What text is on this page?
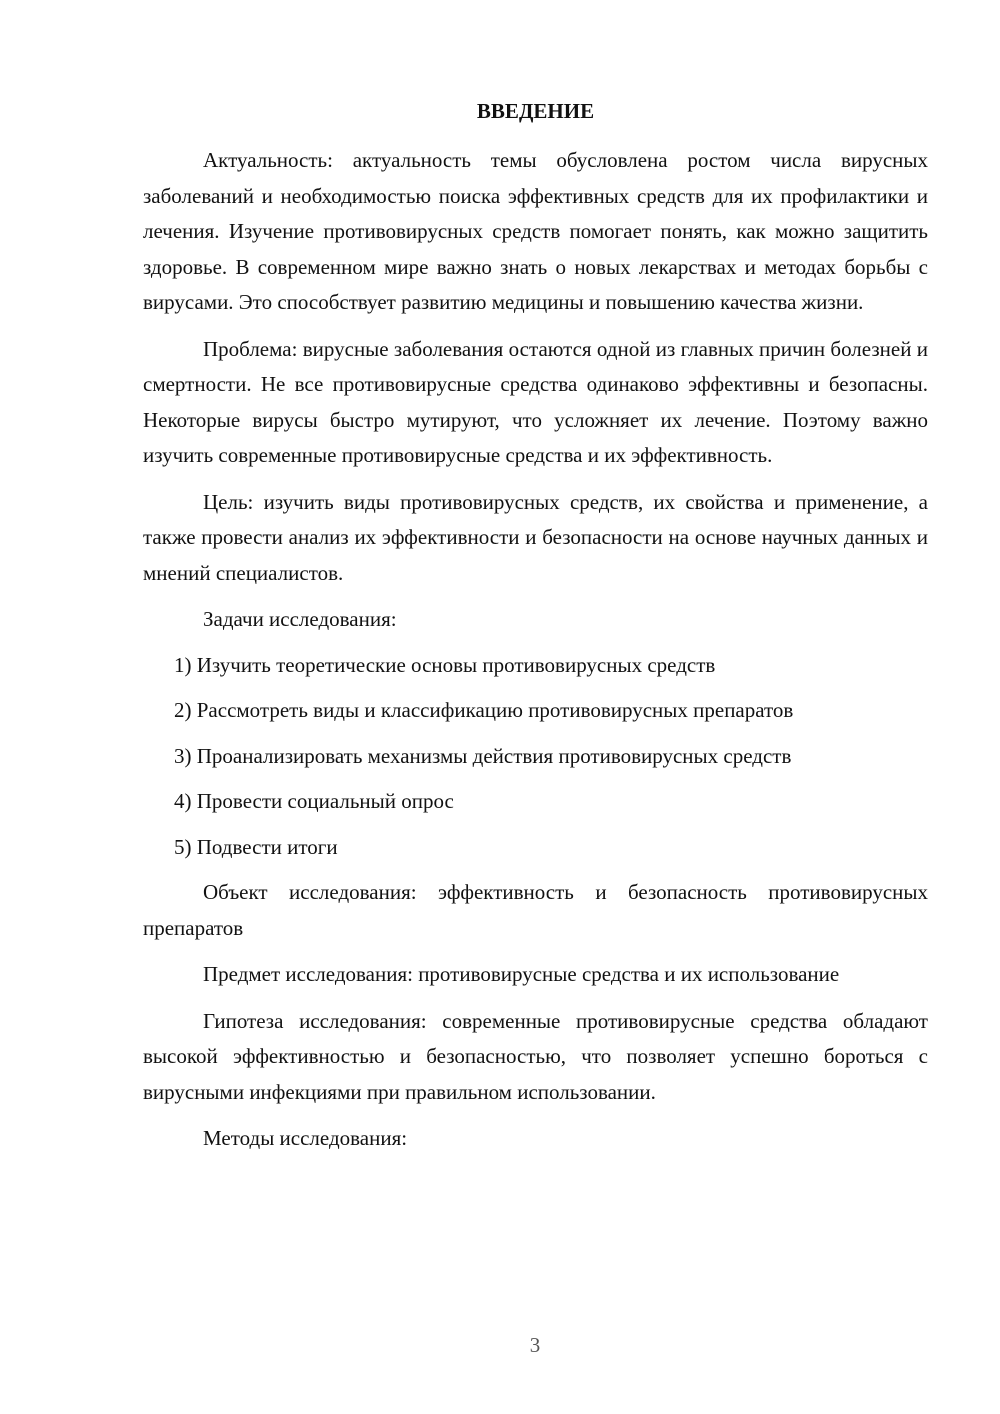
ВВЕДЕНИЕ

Актуальность: актуальность темы обусловлена ростом числа вирусных заболеваний и необходимостью поиска эффективных средств для их профилактики и лечения. Изучение противовирусных средств помогает понять, как можно защитить здоровье. В современном мире важно знать о новых лекарствах и методах борьбы с вирусами. Это способствует развитию медицины и повышению качества жизни.

Проблема: вирусные заболевания остаются одной из главных причин болезней и смертности. Не все противовирусные средства одинаково эффективны и безопасны. Некоторые вирусы быстро мутируют, что усложняет их лечение. Поэтому важно изучить современные противовирусные средства и их эффективность.

Цель: изучить виды противовирусных средств, их свойства и применение, а также провести анализ их эффективности и безопасности на основе научных данных и мнений специалистов.

Задачи исследования:

1) Изучить теоретические основы противовирусных средств

2) Рассмотреть виды и классификацию противовирусных препаратов

3) Проанализировать механизмы действия противовирусных средств

4) Провести социальный опрос

5) Подвести итоги

Объект исследования: эффективность и безопасность противовирусных препаратов

Предмет исследования: противовирусные средства и их использование

Гипотеза исследования: современные противовирусные средства обладают высокой эффективностью и безопасностью, что позволяет успешно бороться с вирусными инфекциями при правильном использовании.

Методы исследования:

3
